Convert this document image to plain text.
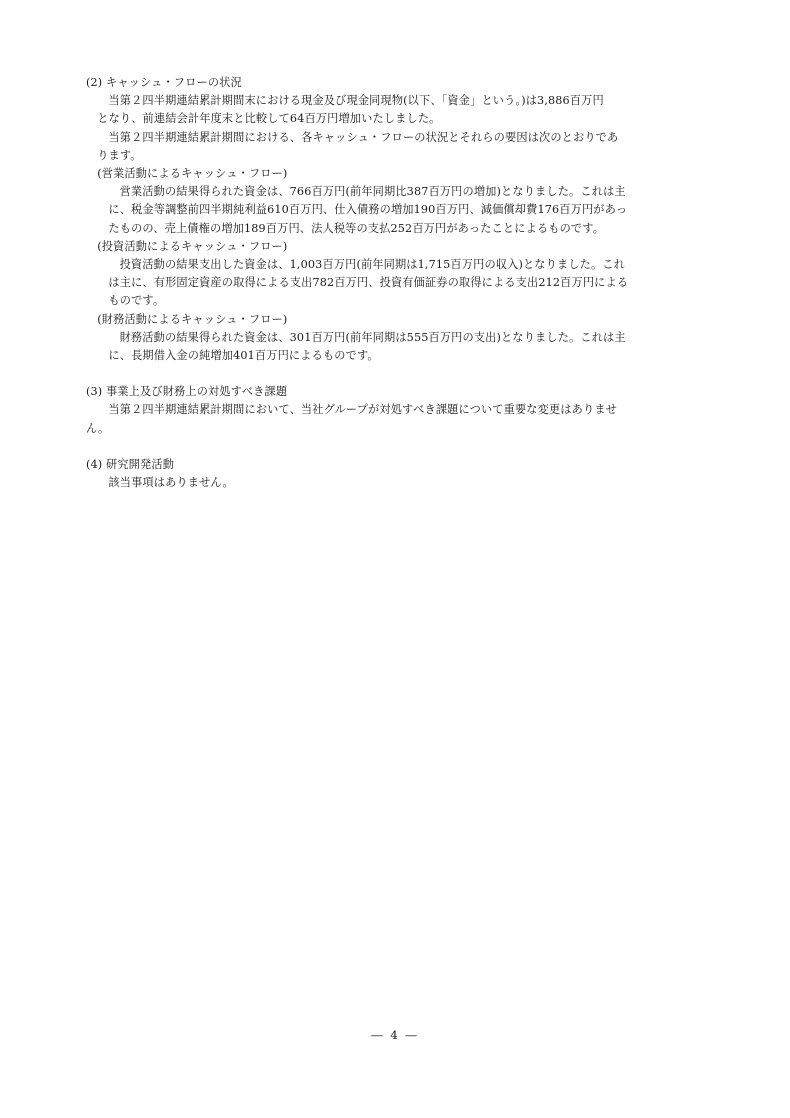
(2) キャッシュ・フローの状況
当第２四半期連結累計期間末における現金及び現金同現物(以下、「資金」という。)は3,886百万円
となり、前連結会計年度末と比較して64百万円増加いたしました。
当第２四半期連結累計期間における、各キャッシュ・フローの状況とそれらの要因は次のとおりであ
ります。
(営業活動によるキャッシュ・フロー)
営業活動の結果得られた資金は、766百万円(前年同期比387百万円の増加)となりました。これは主
に、税金等調整前四半期純利益610百万円、仕入債務の増加190百万円、減価償却費176百万円があっ
たものの、売上債権の増加189百万円、法人税等の支払252百万円があったことによるものです。
(投資活動によるキャッシュ・フロー)
投資活動の結果支出した資金は、1,003百万円(前年同期は1,715百万円の収入)となりました。これ
は主に、有形固定資産の取得による支出782百万円、投資有価証券の取得による支出212百万円による
ものです。
(財務活動によるキャッシュ・フロー)
財務活動の結果得られた資金は、301百万円(前年同期は555百万円の支出)となりました。これは主
に、長期借入金の純増加401百万円によるものです。
(3) 事業上及び財務上の対処すべき課題
当第２四半期連結累計期間において、当社グループが対処すべき課題について重要な変更はありませ
ん。
(4) 研究開発活動
該当事項はありません。
― 4 ―
